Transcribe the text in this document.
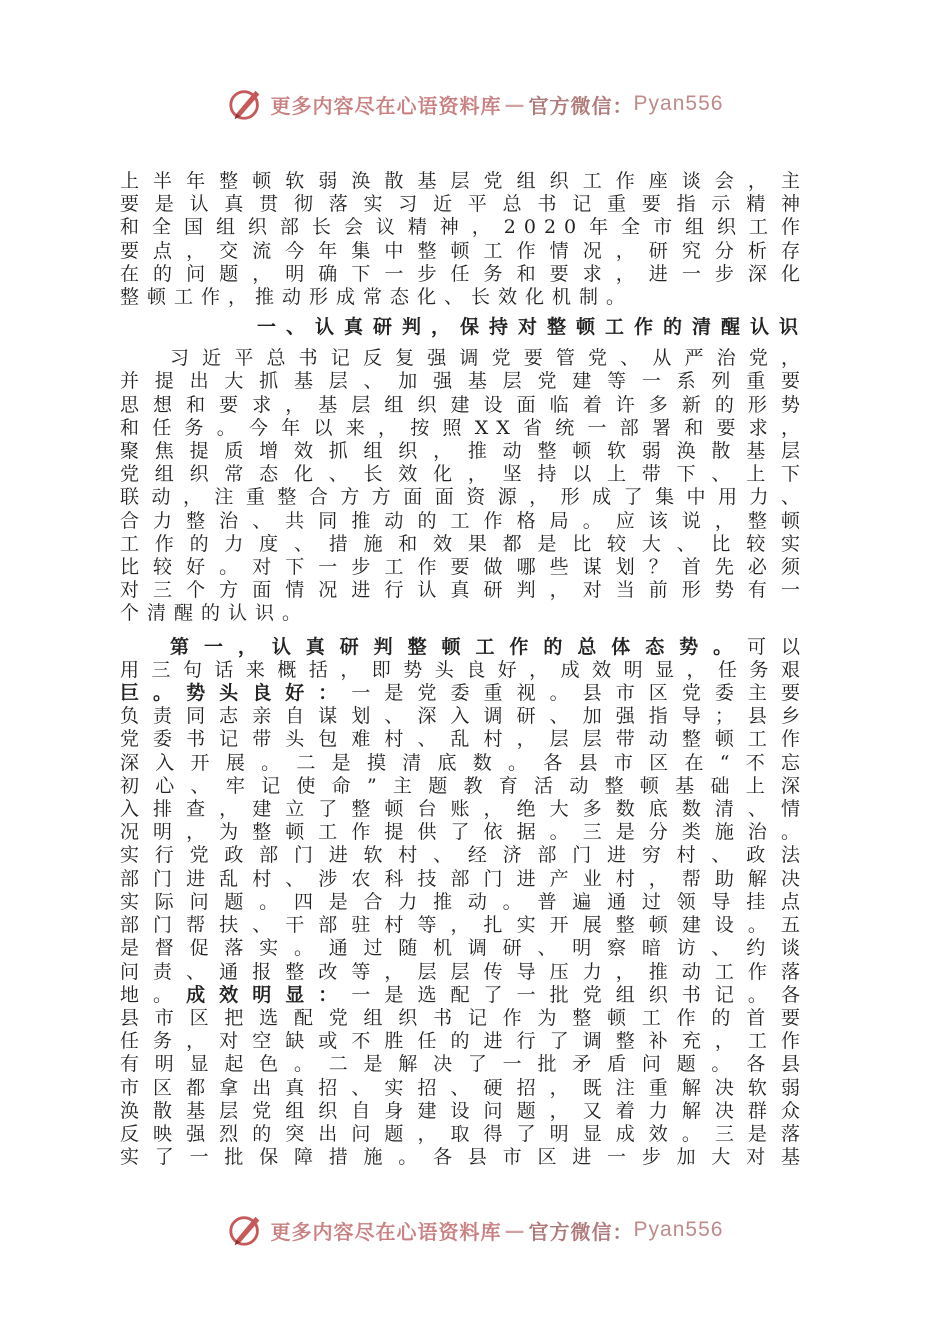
更多内容尽在心语资料库 — 官方微信： Pyan556

上半年整顿软弱涣散基层党组织工作座谈会，主

要是认真贯彻落实习近平总书记重要指示精神

和全国组织部长会议精神，2020年全市组织工作

要点，交流今年集中整顿工作情况，研究分析存

在的问题，明确下一步任务和要求，进一步深化

整顿工作，推动形成常态化、长效化机制。

一、认真研判，保持对整顿工作的清醒认识

习近平总书记反复强调党要管党、从严治党，

并提出大抓基层、加强基层党建等一系列重要

思想和要求，基层组织建设面临着许多新的形势

和任务。今年以来，按照XX省统一部署和要求，

聚焦提质增效抓组织，推动整顿软弱涣散基层

党组织常态化、长效化，坚持以上带下、上下

联动，注重整合方方面面资源，形成了集中用力、

合力整治、共同推动的工作格局。应该说，整顿

工作的力度、措施和效果都是比较大、比较实

比较好。对下一步工作要做哪些谋划？首先必须

对三个方面情况进行认真研判，对当前形势有一

个清醒的认识。

第一，认真研判整顿工作的总体态势。可以

用三句话来概括，即势头良好，成效明显，任务艰

巨。势头良好：一是党委重视。县市区党委主要

负责同志亲自谋划、深入调研、加强指导；县乡

党委书记带头包难村、乱村，层层带动整顿工作

深入开展。二是摸清底数。各县市区在“不忘

初心、牢记使命”主题教育活动整顿基础上深

入排查，建立了整顿台账，绝大多数底数清、情

况明，为整顿工作提供了依据。三是分类施治。

实行党政部门进软村、经济部门进穷村、政法

部门进乱村、涉农科技部门进产业村，帮助解决

实际问题。四是合力推动。普遍通过领导挂点

部门帮扶、干部驻村等，扎实开展整顿建设。五

是督促落实。通过随机调研、明察暗访、约谈

问责、通报整改等，层层传导压力，推动工作落

地。成效明显：一是选配了一批党组织书记。各

县市区把选配党组织书记作为整顿工作的首要

任务，对空缺或不胜任的进行了调整补充，工作

有明显起色。二是解决了一批矛盾问题。各县

市区都拿出真招、实招、硬招，既注重解决软弱

涣散基层党组织自身建设问题，又着力解决群众

反映强烈的突出问题，取得了明显成效。三是落

实了一批保障措施。各县市区进一步加大对基

更多内容尽在心语资料库 — 官方微信： Pyan556
